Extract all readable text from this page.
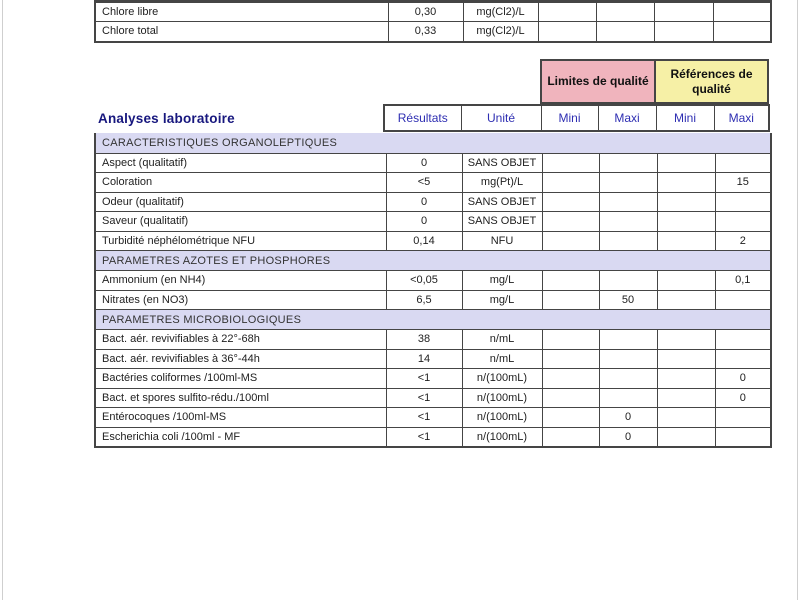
Chlore libre	0,30	mg(Cl2)/L				
Chlore total	0,33	mg(Cl2)/L				
Limites de qualité
Références de qualité
Analyses laboratoire	Résultats	Unité	Mini	Maxi	Mini	Maxi
CARACTERISTIQUES ORGANOLEPTIQUES						
Aspect (qualitatif)	0	SANS OBJET				
Coloration	<5	mg(Pt)/L				15
Odeur (qualitatif)	0	SANS OBJET				
Saveur (qualitatif)	0	SANS OBJET				
Turbidité néphélométrique NFU	0,14	NFU				2
PARAMETRES AZOTES ET PHOSPHORES						
Ammonium (en NH4)	<0,05	mg/L				0,1
Nitrates (en NO3)	6,5	mg/L		50		
PARAMETRES MICROBIOLOGIQUES						
Bact. aér. revivifiables à 22°-68h	38	n/mL				
Bact. aér. revivifiables à 36°-44h	14	n/mL				
Bactéries coliformes /100ml-MS	<1	n/(100mL)				0
Bact. et spores sulfito-rédu./100ml	<1	n/(100mL)				0
Entérocoques /100ml-MS	<1	n/(100mL)		0		
Escherichia coli /100ml - MF	<1	n/(100mL)		0		
